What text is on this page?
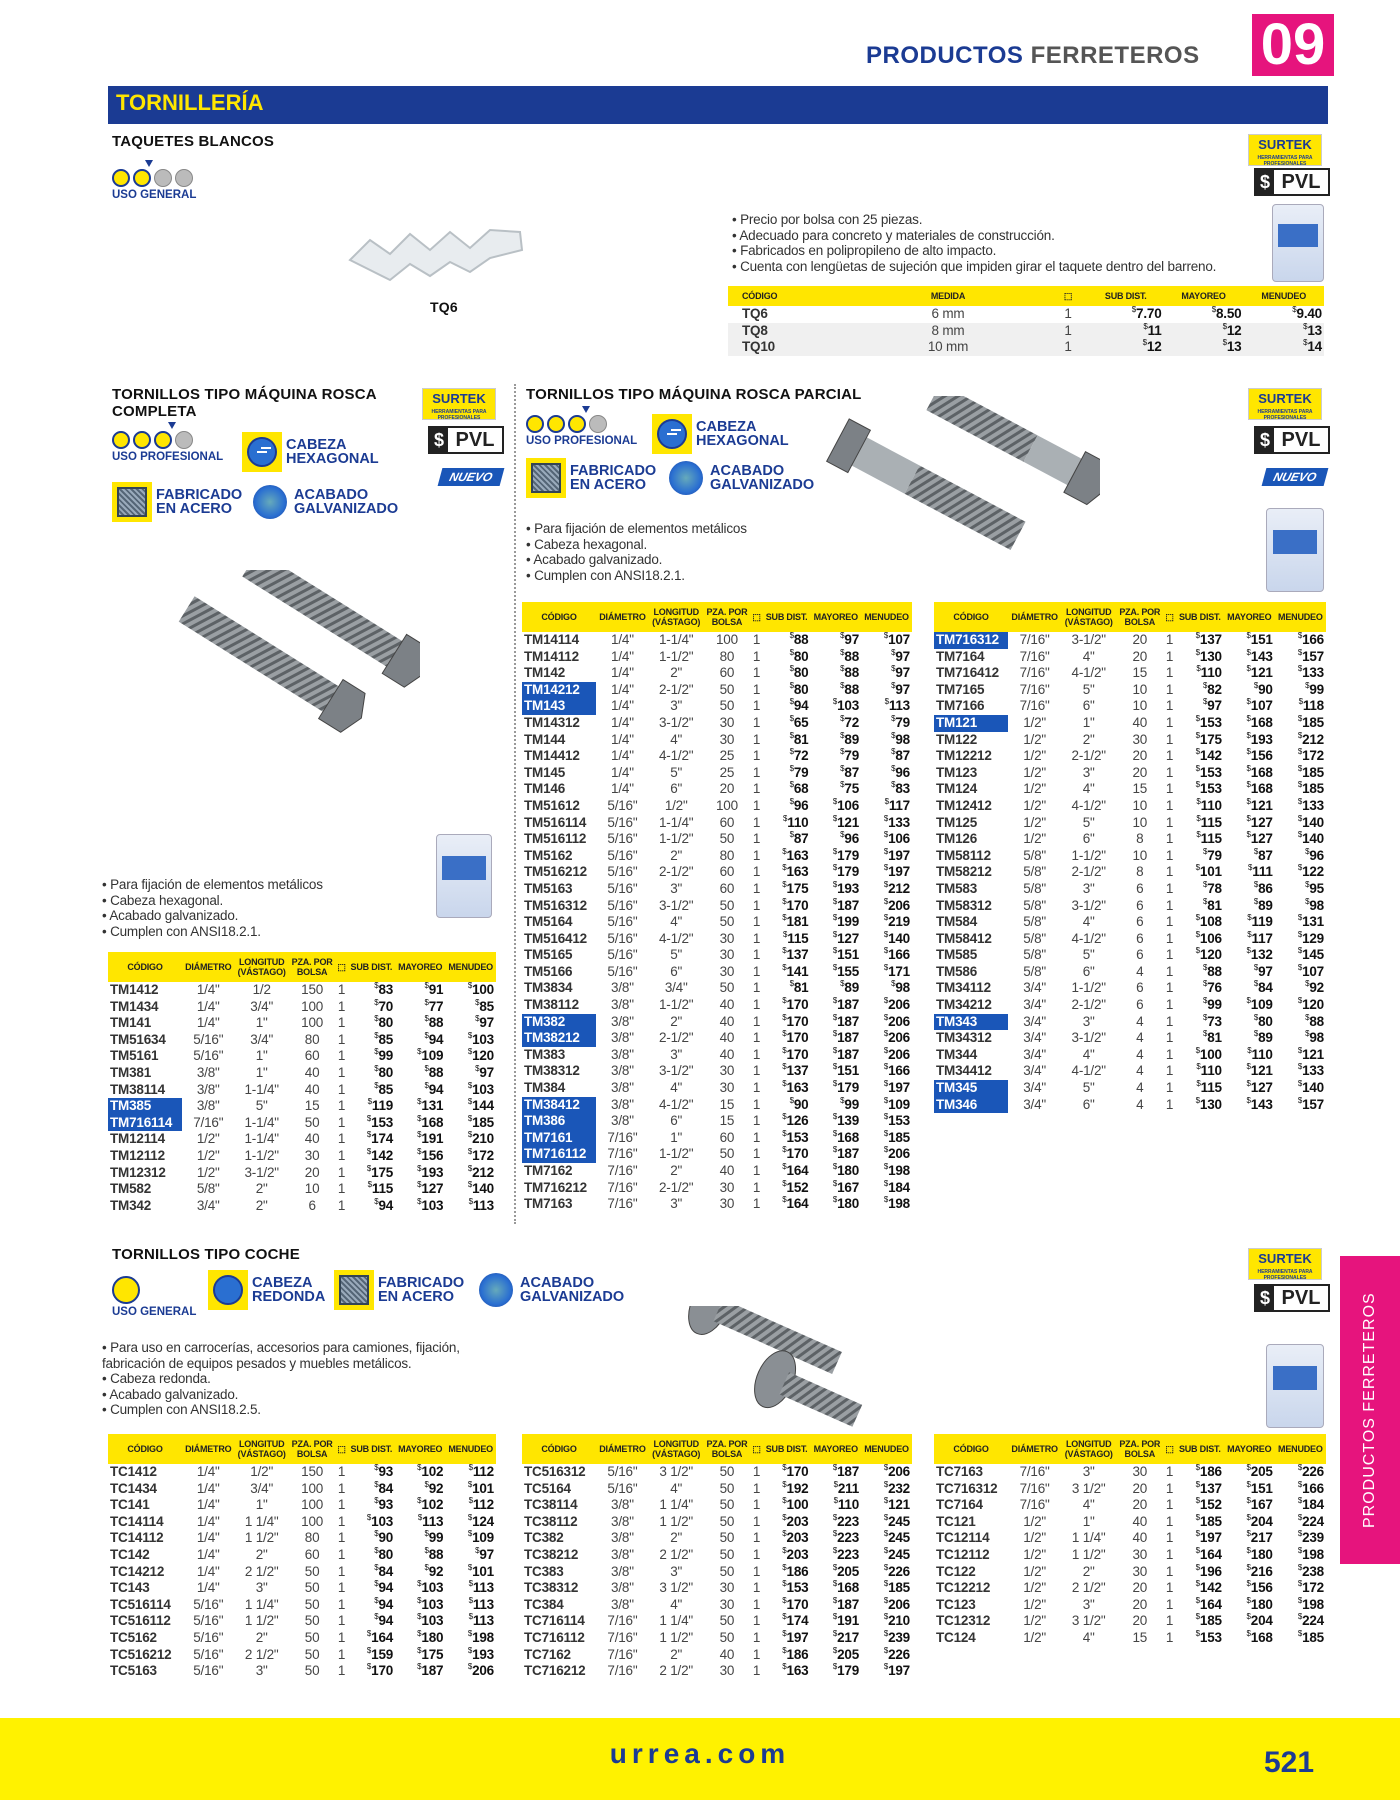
PRODUCTOS FERRETEROS 09
TORNILLERÍA
TAQUETES BLANCOS
USO GENERAL
SURTEK
HERRAMIENTAS PARA PROFESIONALES
$ PVL
TQ6
• Precio por bolsa con 25 piezas.
• Adecuado para concreto y materiales de construcción.
• Fabricados en polipropileno de alto impacto.
• Cuenta con lengüetas de sujeción que impiden girar el taquete dentro del barreno.
CÓDIGO	MEDIDA	⬚	SUB DIST.	MAYOREO	MENUDEO
TQ6	6 mm	1	$7.70	$8.50	$9.40
TQ8	8 mm	1	$11	$12	$13
TQ10	10 mm	1	$12	$13	$14
TORNILLOS TIPO MÁQUINA ROSCA
COMPLETA
SURTEK
HERRAMIENTAS PARA PROFESIONALES
$ PVL
NUEVO
USO PROFESIONAL
CABEZA
HEXAGONAL
FABRICADO
EN ACERO
ACABADO
GALVANIZADO
• Para fijación de elementos metálicos
• Cabeza hexagonal.
• Acabado galvanizado.
• Cumplen con ANSI18.2.1.
CÓDIGO	DIÁMETRO	LONGITUD
(VÁSTAGO)	PZA. POR
BOLSA	⬚	SUB DIST.	MAYOREO	MENUDEO
TM1412	1/4"	1/2	150	1	$83	$91	$100
TM1434	1/4"	3/4"	100	1	$70	$77	$85
TM141	1/4"	1"	100	1	$80	$88	$97
TM51634	5/16"	3/4"	80	1	$85	$94	$103
TM5161	5/16"	1"	60	1	$99	$109	$120
TM381	3/8"	1"	40	1	$80	$88	$97
TM38114	3/8"	1-1/4"	40	1	$85	$94	$103
TM385	3/8"	5"	15	1	$119	$131	$144
TM716114	7/16"	1-1/4"	50	1	$153	$168	$185
TM12114	1/2"	1-1/4"	40	1	$174	$191	$210
TM12112	1/2"	1-1/2"	30	1	$142	$156	$172
TM12312	1/2"	3-1/2"	20	1	$175	$193	$212
TM582	5/8"	2"	10	1	$115	$127	$140
TM342	3/4"	2"	6	1	$94	$103	$113
TORNILLOS TIPO MÁQUINA ROSCA PARCIAL	SURTEK
HERRAMIENTAS PARA PROFESIONALES
$ PVL
NUEVO
USO PROFESIONAL
CABEZA
HEXAGONAL
FABRICADO
EN ACERO
ACABADO
GALVANIZADO
• Para fijación de elementos metálicos
• Cabeza hexagonal.
• Acabado galvanizado.
• Cumplen con ANSI18.2.1.
CÓDIGO	DIÁMETRO	LONGITUD
(VÁSTAGO)	PZA. POR
BOLSA	⬚	SUB DIST.	MAYOREO	MENUDEO
TM14114	1/4"	1-1/4"	100	1	$88	$97	$107
TM14112	1/4"	1-1/2"	80	1	$80	$88	$97
TM142	1/4"	2"	60	1	$80	$88	$97
TM14212	1/4"	2-1/2"	50	1	$80	$88	$97
TM143	1/4"	3"	50	1	$94	$103	$113
TM14312	1/4"	3-1/2"	30	1	$65	$72	$79
TM144	1/4"	4"	30	1	$81	$89	$98
TM14412	1/4"	4-1/2"	25	1	$72	$79	$87
TM145	1/4"	5"	25	1	$79	$87	$96
TM146	1/4"	6"	20	1	$68	$75	$83
TM51612	5/16"	1/2"	100	1	$96	$106	$117
TM516114	5/16"	1-1/4"	60	1	$110	$121	$133
TM516112	5/16"	1-1/2"	50	1	$87	$96	$106
TM5162	5/16"	2"	80	1	$163	$179	$197
TM516212	5/16"	2-1/2"	60	1	$163	$179	$197
TM5163	5/16"	3"	60	1	$175	$193	$212
TM516312	5/16"	3-1/2"	50	1	$170	$187	$206
TM5164	5/16"	4"	50	1	$181	$199	$219
TM516412	5/16"	4-1/2"	30	1	$115	$127	$140
TM5165	5/16"	5"	30	1	$137	$151	$166
TM5166	5/16"	6"	30	1	$141	$155	$171
TM3834	3/8"	3/4"	50	1	$81	$89	$98
TM38112	3/8"	1-1/2"	40	1	$170	$187	$206
TM382	3/8"	2"	40	1	$170	$187	$206
TM38212	3/8"	2-1/2"	40	1	$170	$187	$206
TM383	3/8"	3"	40	1	$170	$187	$206
TM38312	3/8"	3-1/2"	30	1	$137	$151	$166
TM384	3/8"	4"	30	1	$163	$179	$197
TM38412	3/8"	4-1/2"	15	1	$90	$99	$109
TM386	3/8"	6"	15	1	$126	$139	$153
TM7161	7/16"	1"	60	1	$153	$168	$185
TM716112	7/16"	1-1/2"	50	1	$170	$187	$206
TM7162	7/16"	2"	40	1	$164	$180	$198
TM716212	7/16"	2-1/2"	30	1	$152	$167	$184
TM7163	7/16"	3"	30	1	$164	$180	$198
CÓDIGO	DIÁMETRO	LONGITUD
(VÁSTAGO)	PZA. POR
BOLSA	⬚	SUB DIST.	MAYOREO	MENUDEO
TM716312	7/16"	3-1/2"	20	1	$137	$151	$166
TM7164	7/16"	4"	20	1	$130	$143	$157
TM716412	7/16"	4-1/2"	15	1	$110	$121	$133
TM7165	7/16"	5"	10	1	$82	$90	$99
TM7166	7/16"	6"	10	1	$97	$107	$118
TM121	1/2"	1"	40	1	$153	$168	$185
TM122	1/2"	2"	30	1	$175	$193	$212
TM12212	1/2"	2-1/2"	20	1	$142	$156	$172
TM123	1/2"	3"	20	1	$153	$168	$185
TM124	1/2"	4"	15	1	$153	$168	$185
TM12412	1/2"	4-1/2"	10	1	$110	$121	$133
TM125	1/2"	5"	10	1	$115	$127	$140
TM126	1/2"	6"	8	1	$115	$127	$140
TM58112	5/8"	1-1/2"	10	1	$79	$87	$96
TM58212	5/8"	2-1/2"	8	1	$101	$111	$122
TM583	5/8"	3"	6	1	$78	$86	$95
TM58312	5/8"	3-1/2"	6	1	$81	$89	$98
TM584	5/8"	4"	6	1	$108	$119	$131
TM58412	5/8"	4-1/2"	6	1	$106	$117	$129
TM585	5/8"	5"	6	1	$120	$132	$145
TM586	5/8"	6"	4	1	$88	$97	$107
TM34112	3/4"	1-1/2"	6	1	$76	$84	$92
TM34212	3/4"	2-1/2"	6	1	$99	$109	$120
TM343	3/4"	3"	4	1	$73	$80	$88
TM34312	3/4"	3-1/2"	4	1	$81	$89	$98
TM344	3/4"	4"	4	1	$100	$110	$121
TM34412	3/4"	4-1/2"	4	1	$110	$121	$133
TM345	3/4"	5"	4	1	$115	$127	$140
TM346	3/4"	6"	4	1	$130	$143	$157
TORNILLOS TIPO COCHE	SURTEK
HERRAMIENTAS PARA PROFESIONALES
$ PVL
USO GENERAL
CABEZA
REDONDA
FABRICADO
EN ACERO
ACABADO
GALVANIZADO
• Para uso en carrocerías, accesorios para camiones, fijación, fabricación de equipos pesados y muebles metálicos.
• Cabeza redonda.
• Acabado galvanizado.
• Cumplen con ANSI18.2.5.
CÓDIGO	DIÁMETRO	LONGITUD
(VÁSTAGO)	PZA. POR
BOLSA	⬚	SUB DIST.	MAYOREO	MENUDEO
TC1412	1/4"	1/2"	150	1	$93	$102	$112
TC1434	1/4"	3/4"	100	1	$84	$92	$101
TC141	1/4"	1"	100	1	$93	$102	$112
TC14114	1/4"	1 1/4"	100	1	$103	$113	$124
TC14112	1/4"	1 1/2"	80	1	$90	$99	$109
TC142	1/4"	2"	60	1	$80	$88	$97
TC14212	1/4"	2 1/2"	50	1	$84	$92	$101
TC143	1/4"	3"	50	1	$94	$103	$113
TC516114	5/16"	1 1/4"	50	1	$94	$103	$113
TC516112	5/16"	1 1/2"	50	1	$94	$103	$113
TC5162	5/16"	2"	50	1	$164	$180	$198
TC516212	5/16"	2 1/2"	50	1	$159	$175	$193
TC5163	5/16"	3"	50	1	$170	$187	$206
CÓDIGO	DIÁMETRO	LONGITUD
(VÁSTAGO)	PZA. POR
BOLSA	⬚	SUB DIST.	MAYOREO	MENUDEO
TC516312	5/16"	3 1/2"	50	1	$170	$187	$206
TC5164	5/16"	4"	50	1	$192	$211	$232
TC38114	3/8"	1 1/4"	50	1	$100	$110	$121
TC38112	3/8"	1 1/2"	50	1	$203	$223	$245
TC382	3/8"	2"	50	1	$203	$223	$245
TC38212	3/8"	2 1/2"	50	1	$203	$223	$245
TC383	3/8"	3"	50	1	$186	$205	$226
TC38312	3/8"	3 1/2"	30	1	$153	$168	$185
TC384	3/8"	4"	30	1	$170	$187	$206
TC716114	7/16"	1 1/4"	50	1	$174	$191	$210
TC716112	7/16"	1 1/2"	50	1	$197	$217	$239
TC7162	7/16"	2"	40	1	$186	$205	$226
TC716212	7/16"	2 1/2"	30	1	$163	$179	$197
CÓDIGO	DIÁMETRO	LONGITUD
(VÁSTAGO)	PZA. POR
BOLSA	⬚	SUB DIST.	MAYOREO	MENUDEO
TC7163	7/16"	3"	30	1	$186	$205	$226
TC716312	7/16"	3 1/2"	20	1	$137	$151	$166
TC7164	7/16"	4"	20	1	$152	$167	$184
TC121	1/2"	1"	40	1	$185	$204	$224
TC12114	1/2"	1 1/4"	40	1	$197	$217	$239
TC12112	1/2"	1 1/2"	30	1	$164	$180	$198
TC122	1/2"	2"	30	1	$196	$216	$238
TC12212	1/2"	2 1/2"	20	1	$142	$156	$172
TC123	1/2"	3"	20	1	$164	$180	$198
TC12312	1/2"	3 1/2"	20	1	$185	$204	$224
TC124	1/2"	4"	15	1	$153	$168	$185
PRODUCTOS FERRETEROS
urrea.com	521
